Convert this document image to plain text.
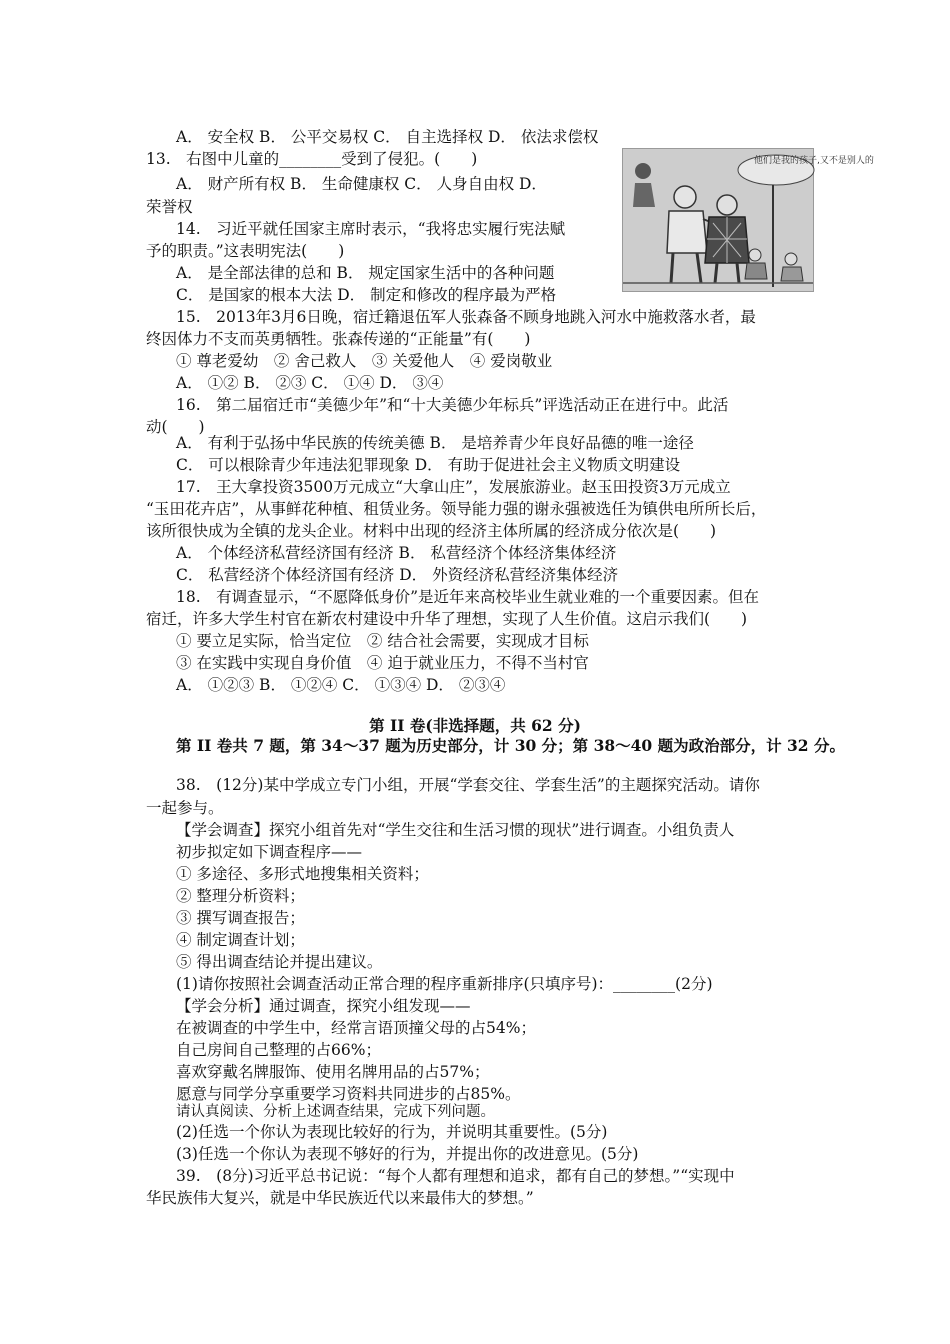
A． 安全权 B． 公平交易权 C． 自主选择权 D． 依法求偿权
13.　右图中儿童的________受到了侵犯。(　　)
A． 财产所有权 B． 生命健康权 C． 人身自由权 D．
荣誉权
14.　习近平就任国家主席时表示，“我将忠实履行宪法赋
予的职责。”这表明宪法(　　)
A． 是全部法律的总和 B． 规定国家生活中的各种问题
C． 是国家的根本大法 D． 制定和修改的程序最为严格
15.　2013年3月6日晚，宿迁籍退伍军人张森备不顾身地跳入河水中施救落水者，最
终因体力不支而英勇牺牲。张森传递的“正能量”有(　　)
① 尊老爱幼　② 舍己救人　③ 关爱他人　④ 爱岗敬业
A． ①② B． ②③ C． ①④ D． ③④
16.　第二届宿迁市“美德少年”和“十大美德少年标兵”评选活动正在进行中。此活
动(　　)
A． 有利于弘扬中华民族的传统美德 B． 是培养青少年良好品德的唯一途径
C． 可以根除青少年违法犯罪现象 D． 有助于促进社会主义物质文明建设
17.　王大拿投资3500万元成立“大拿山庄”，发展旅游业。赵玉田投资3万元成立
“玉田花卉店”，从事鲜花种植、租赁业务。领导能力强的谢永强被选任为镇供电所所长后，
该所很快成为全镇的龙头企业。材料中出现的经济主体所属的经济成分依次是(　　)
A． 个体经济私营经济国有经济 B． 私营经济个体经济集体经济
C． 私营经济个体经济国有经济 D． 外资经济私营经济集体经济
18.　有调查显示，“不愿降低身价”是近年来高校毕业生就业难的一个重要因素。但在
宿迁，许多大学生村官在新农村建设中升华了理想，实现了人生价值。这启示我们(　　)
① 要立足实际，恰当定位　② 结合社会需要，实现成才目标
③ 在实践中实现自身价值　④ 迫于就业压力，不得不当村官
A． ①②③ B． ①②④ C． ①③④ D． ②③④
第 II 卷(非选择题，共 62 分)
第 II 卷共 7 题，第 34～37 题为历史部分，计 30 分；第 38～40 题为政治部分，计 32 分。
38.　(12分)某中学成立专门小组，开展“学套交往、学套生活”的主题探究活动。请你
一起参与。
【学会调查】探究小组首先对“学生交往和生活习惯的现状”进行调查。小组负责人
初步拟定如下调查程序——
① 多途径、多形式地搜集相关资料；
② 整理分析资料；
③ 撰写调查报告；
④ 制定调查计划；
⑤ 得出调查结论并提出建议。
(1)请你按照社会调查活动正常合理的程序重新排序(只填序号)：________(2分)
【学会分析】通过调查，探究小组发现——
在被调查的中学生中，经常言语顶撞父母的占54%；
自己房间自己整理的占66%；
喜欢穿戴名牌服饰、使用名牌用品的占57%；
愿意与同学分享重要学习资料共同进步的占85%。
请认真阅读、分析上述调查结果，完成下列问题。
(2)任选一个你认为表现比较好的行为，并说明其重要性。(5分)
(3)任选一个你认为表现不够好的行为，并提出你的改进意见。(5分)
39.　(8分)习近平总书记说：“每个人都有理想和追求，都有自己的梦想。”“实现中
华民族伟大复兴，就是中华民族近代以来最伟大的梦想。”
他们是我的孩子,又不是别人的
